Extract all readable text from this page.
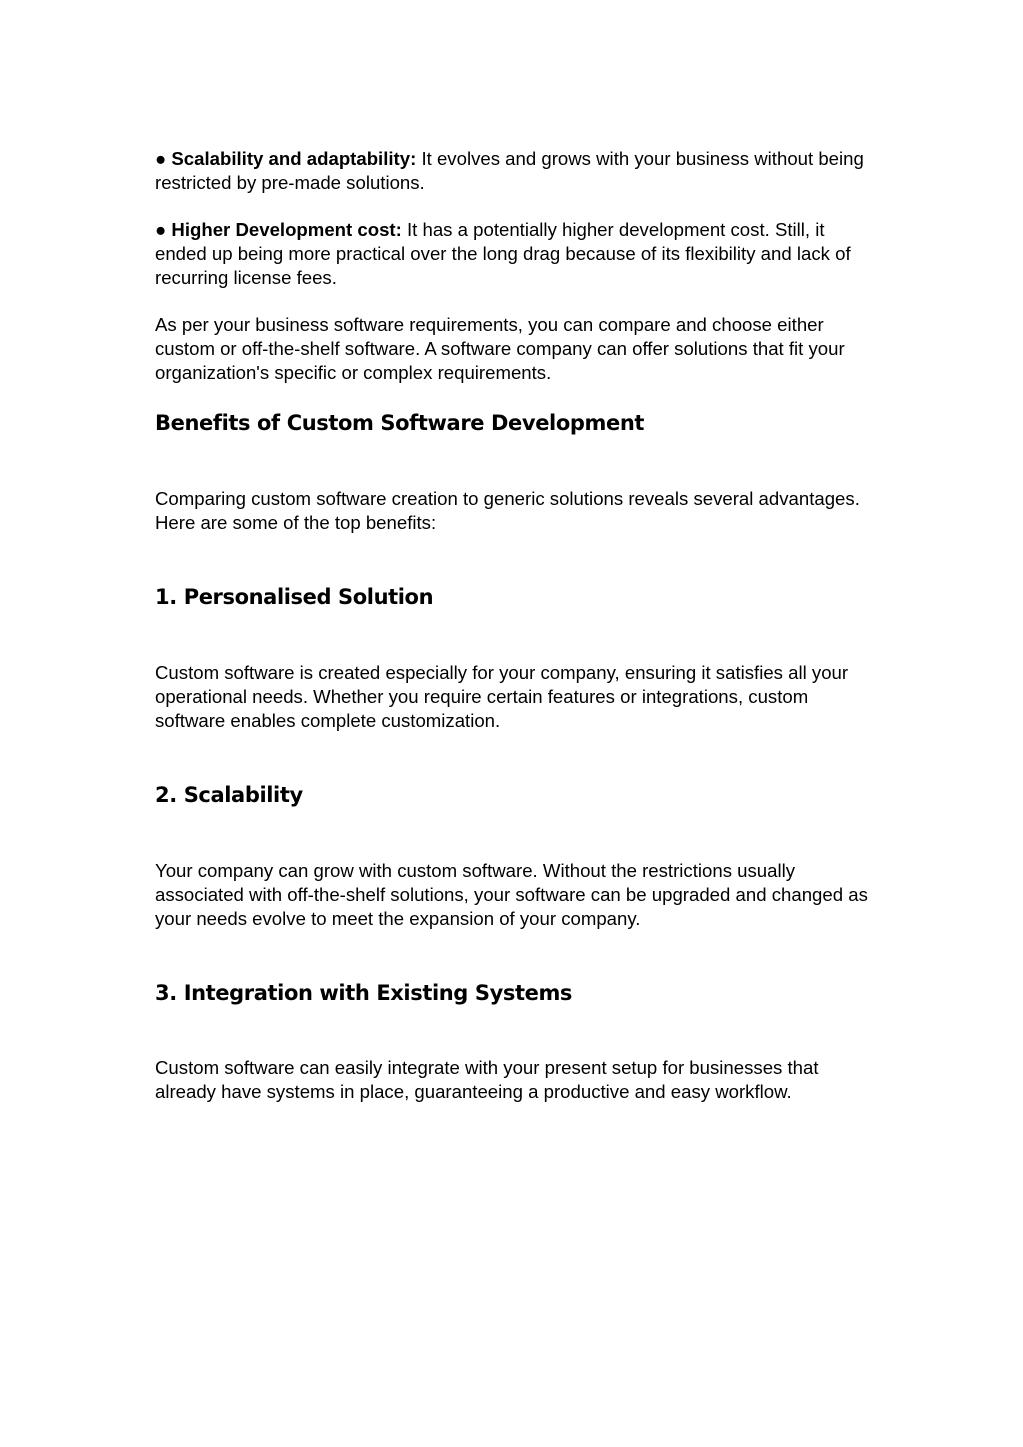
● Scalability and adaptability: It evolves and grows with your business without being restricted by pre-made solutions.

● Higher Development cost: It has a potentially higher development cost. Still, it ended up being more practical over the long drag because of its flexibility and lack of recurring license fees.

As per your business software requirements, you can compare and choose either custom or off-the-shelf software. A software company can offer solutions that fit your organization's specific or complex requirements.

Benefits of Custom Software Development

Comparing custom software creation to generic solutions reveals several advantages. Here are some of the top benefits:

1. Personalised Solution

Custom software is created especially for your company, ensuring it satisfies all your operational needs. Whether you require certain features or integrations, custom software enables complete customization.

2. Scalability

Your company can grow with custom software. Without the restrictions usually associated with off-the-shelf solutions, your software can be upgraded and changed as your needs evolve to meet the expansion of your company.

3. Integration with Existing Systems

Custom software can easily integrate with your present setup for businesses that already have systems in place, guaranteeing a productive and easy workflow.
